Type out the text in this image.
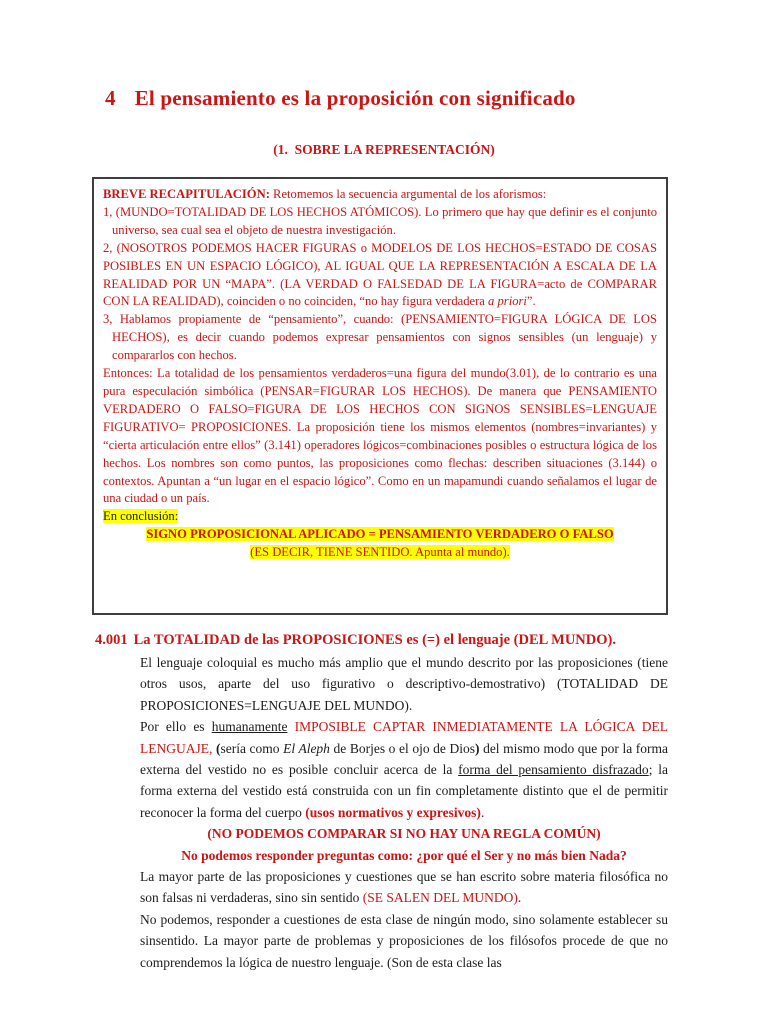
4 El pensamiento es la proposición con significado
(1.  SOBRE LA REPRESENTACIÓN)

BREVE RECAPITULACIÓN: Retomemos la secuencia argumental de los aforismos:

1, (MUNDO=TOTALIDAD DE LOS HECHOS ATÓMICOS). Lo primero que hay que definir es el conjunto universo, sea cual sea el objeto de nuestra investigación.

2, (NOSOTROS PODEMOS HACER FIGURAS o MODELOS DE LOS HECHOS=ESTADO DE COSAS POSIBLES EN UN ESPACIO LÓGICO), AL IGUAL QUE LA REPRESENTACIÓN A ESCALA DE LA REALIDAD POR UN “MAPA”. (LA VERDAD O FALSEDAD DE LA FIGURA=acto de COMPARAR CON LA REALIDAD), coinciden o no coinciden, “no hay figura verdadera a priori”.

3, Hablamos propiamente de “pensamiento”, cuando: (PENSAMIENTO=FIGURA LÓGICA DE LOS HECHOS), es decir cuando podemos expresar pensamientos con signos sensibles (un lenguaje) y compararlos con hechos.

Entonces: La totalidad de los pensamientos verdaderos=una figura del mundo(3.01), de lo contrario es una pura especulación simbólica (PENSAR=FIGURAR LOS HECHOS). De manera que PENSAMIENTO VERDADERO O FALSO=FIGURA DE LOS HECHOS CON SIGNOS SENSIBLES=LENGUAJE FIGURATIVO= PROPOSICIONES. La proposición tiene los mismos elementos (nombres=invariantes) y “cierta articulación entre ellos” (3.141) operadores lógicos=combinaciones posibles o estructura lógica de los hechos. Los nombres son como puntos, las proposiciones como flechas: describen situaciones (3.144) o contextos. Apuntan a “un lugar en el espacio lógico”. Como en un mapamundi cuando señalamos el lugar de una ciudad o un país.

En conclusión:

SIGNO PROPOSICIONAL APLICADO = PENSAMIENTO VERDADERO O FALSO

(ES DECIR, TIENE SENTIDO. Apunta al mundo).

4.001 La TOTALIDAD de las PROPOSICIONES es (=) el lenguaje (DEL MUNDO).

El lenguaje coloquial es mucho más amplio que el mundo descrito por las proposiciones (tiene otros usos, aparte del uso figurativo o descriptivo-demostrativo) (TOTALIDAD DE PROPOSICIONES=LENGUAJE DEL MUNDO).

Por ello es humanamente IMPOSIBLE CAPTAR INMEDIATAMENTE LA LÓGICA DEL LENGUAJE, (sería como El Aleph de Borjes o el ojo de Dios) del mismo modo que por la forma externa del vestido no es posible concluir acerca de la forma del pensamiento disfrazado; la forma externa del vestido está construida con un fin completamente distinto que el de permitir reconocer la forma del cuerpo (usos normativos y expresivos).

(NO PODEMOS COMPARAR SI NO HAY UNA REGLA COMÚN)

No podemos responder preguntas como: ¿por qué el Ser y no más bien Nada?

La mayor parte de las proposiciones y cuestiones que se han escrito sobre materia filosófica no son falsas ni verdaderas, sino sin sentido (SE SALEN DEL MUNDO).

No podemos, responder a cuestiones de esta clase de ningún modo, sino solamente establecer su sinsentido. La mayor parte de problemas y proposiciones de los filósofos procede de que no comprendemos la lógica de nuestro lenguaje. (Son de esta clase las
